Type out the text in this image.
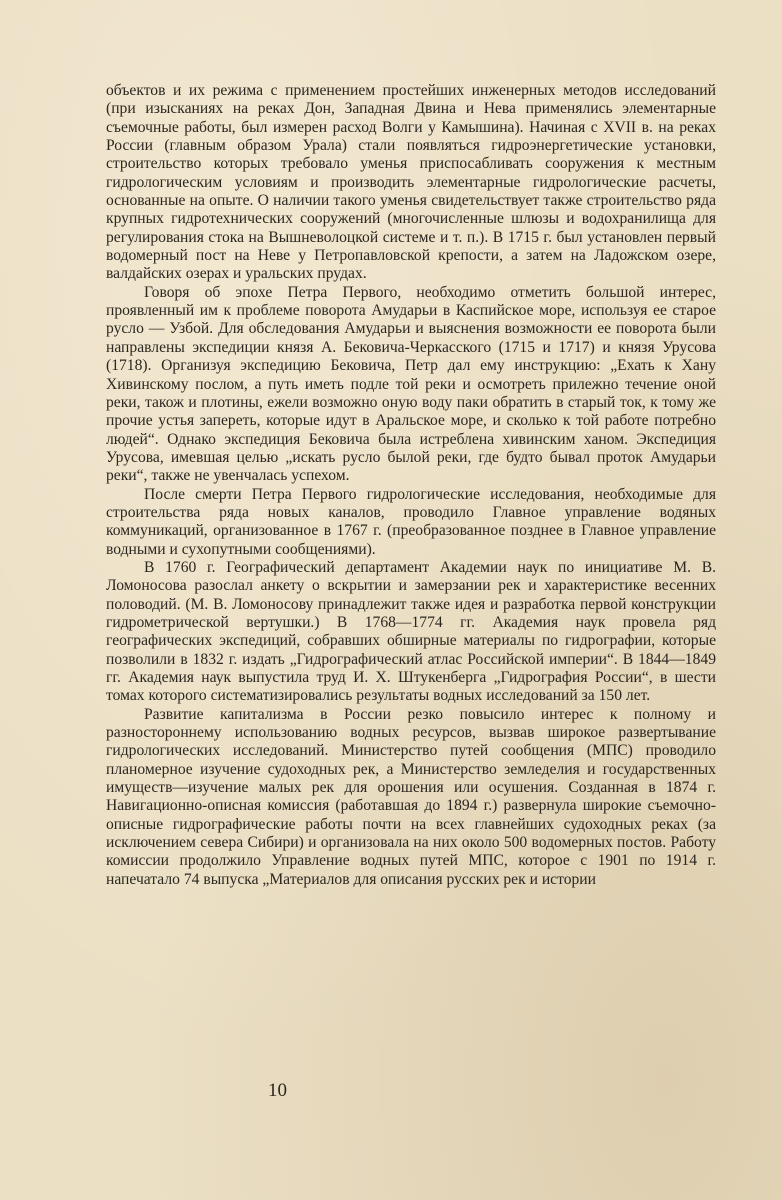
объектов и их режима с применением простейших инженерных методов исследований (при изысканиях на реках Дон, Западная Двина и Нева применялись элементарные съемочные работы, был измерен расход Волги у Камышина). Начиная с XVII в. на реках России (главным образом Урала) стали появляться гидроэнергетические установки, строительство которых требовало уменья приспосабливать сооружения к местным гидрологическим условиям и производить элементарные гидрологические расчеты, основанные на опыте. О наличии такого уменья свидетельствует также строительство ряда крупных гидротехнических сооружений (многочисленные шлюзы и водохранилища для регулирования стока на Вышневолоцкой системе и т. п.). В 1715 г. был установлен первый водомерный пост на Неве у Петропавловской крепости, а затем на Ладожском озере, валдайских озерах и уральских прудах.

Говоря об эпохе Петра Первого, необходимо отметить большой интерес, проявленный им к проблеме поворота Амударьи в Каспийское море, используя ее старое русло — Узбой. Для обследования Амударьи и выяснения возможности ее поворота были направлены экспедиции князя А. Бековича-Черкасского (1715 и 1717) и князя Урусова (1718). Организуя экспедицию Бековича, Петр дал ему инструкцию: „Ехать к Хану Хивинскому послом, а путь иметь подле той реки и осмотреть прилежно течение оной реки, також и плотины, ежели возможно оную воду паки обратить в старый ток, к тому же прочие устья запереть, которые идут в Аральское море, и сколько к той работе потребно людей“. Однако экспедиция Бековича была истреблена хивинским ханом. Экспедиция Урусова, имевшая целью „искать русло былой реки, где будто бывал проток Амударьи реки“, также не увенчалась успехом.

После смерти Петра Первого гидрологические исследования, необходимые для строительства ряда новых каналов, проводило Главное управление водяных коммуникаций, организованное в 1767 г. (преобразованное позднее в Главное управление водными и сухопутными сообщениями).

В 1760 г. Географический департамент Академии наук по инициативе М. В. Ломоносова разослал анкету о вскрытии и замерзании рек и характеристике весенних половодий. (М. В. Ломоносову принадлежит также идея и разработка первой конструкции гидрометрической вертушки.) В 1768—1774 гг. Академия наук провела ряд географических экспедиций, собравших обширные материалы по гидрографии, которые позволили в 1832 г. издать „Гидрографический атлас Российской империи“. В 1844—1849 гг. Академия наук выпустила труд И. Х. Штукенберга „Гидрография России“, в шести томах которого систематизировались результаты водных исследований за 150 лет.

Развитие капитализма в России резко повысило интерес к полному и разностороннему использованию водных ресурсов, вызвав широкое развертывание гидрологических исследований. Министерство путей сообщения (МПС) проводило планомерное изучение судоходных рек, а Министерство земледелия и государственных имуществ—изучение малых рек для орошения или осушения. Созданная в 1874 г. Навигационно-описная комиссия (работавшая до 1894 г.) развернула широкие съемочно-описные гидрографические работы почти на всех главнейших судоходных реках (за исключением севера Сибири) и организовала на них около 500 водомерных постов. Работу комиссии продолжило Управление водных путей МПС, которое с 1901 по 1914 г. напечатало 74 выпуска „Материалов для описания русских рек и истории

10
